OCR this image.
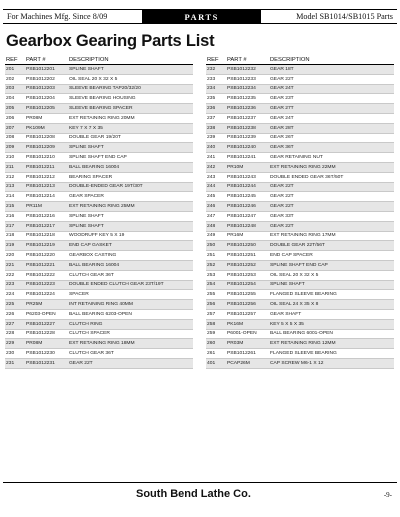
For Machines Mfg. Since 8/09	PARTS	Model SB1014/SB1015 Parts
Gearbox Gearing Parts List
REF	PART #	DESCRIPTION
201	PSB1012201	SPLINE SHAFT
202	PSB1012202	OIL SEAL 20 X 32 X 5
203	PSB1012203	SLEEVE BEARING TAP20/32/20
204	PSB1012204	SLEEVE BEARING HOUSING
205	PSB1012205	SLEEVE BEARING SPACER
206	PR08M	EXT RETAINING RING 20MM
207	PK109M	KEY 7 X 7 X 35
208	PSB1012208	DOUBLE GEAR 19/20T
209	PSB1012209	SPLINE SHAFT
210	PSB1012210	SPLINE SHAFT END CAP
211	PSB1012211	BALL BEARING 16004
212	PSB1012212	BEARING SPACER
213	PSB1012213	DOUBLE-ENDED GEAR 19T/30T
214	PSB1012214	GEAR SPACER
215	PR11M	EXT RETAINING RING 25MM
216	PSB1012216	SPLINE SHAFT
217	PSB1012217	SPLINE SHAFT
218	PSB1012218	WOODRUFF KEY 5 X 19
219	PSB1012219	END CAP GASKET
220	PSB1012220	GEARBOX CASTING
221	PSB1012221	BALL BEARING 16004
222	PSB1012222	CLUTCH GEAR 36T
223	PSB1012223	DOUBLE ENDED CLUTCH GEAR 23T/19T
224	PSB1012224	SPACER
225	PR25M	INT RETAINING RING 40MM
226	P6203-OPEN	BALL BEARING 6203-OPEN
227	PSB1012227	CLUTCH RING
228	PSB1012228	CLUTCH SPACER
229	PR08M	EXT RETAINING RING 18MM
230	PSB1012230	CLUTCH GEAR 36T
231	PSB1012231	GEAR 22T
REF	PART #	DESCRIPTION
232	PSB1012232	GEAR 18T
233	PSB1012233	GEAR 22T
234	PSB1012234	GEAR 24T
235	PSB1012235	GEAR 23T
236	PSB1012236	GEAR 27T
237	PSB1012237	GEAR 24T
238	PSB1012238	GEAR 28T
239	PSB1012239	GEAR 26T
240	PSB1012240	GEAR 36T
241	PSB1012241	GEAR RETAINING NUT
242	PR10M	EXT RETAINING RING 22MM
243	PSB1012243	DOUBLE ENDED GEAR 36T/50T
244	PSB1012244	GEAR 22T
245	PSB1012245	GEAR 22T
246	PSB1012246	GEAR 22T
247	PSB1012247	GEAR 33T
248	PSB1012248	GEAR 22T
249	PR16M	EXT RETAINING RING 17MM
250	PSB1012250	DOUBLE GEAR 22T/56T
251	PSB1012251	END CAP SPACER
252	PSB1012252	SPLINE SHAFT END CAP
253	PSB1012253	OIL SEAL 20 X 32 X 5
254	PSB1012254	SPLINE SHAFT
255	PSB1012255	FLANGED SLEEVE BEARING
256	PSB1012256	OIL SEAL 24 X 35 X 8
257	PSB1012257	GEAR SHAFT
258	PK16M	KEY 5 X 5 X 35
259	P6001-OPEN	BALL BEARING 6001-OPEN
260	PR03M	EXT RETAINING RING 12MM
261	PSB1012261	FLANGED SLEEVE BEARING
401	PCAP26M	CAP SCREW M6-1 X 12
South Bend Lathe Co.	-9-
